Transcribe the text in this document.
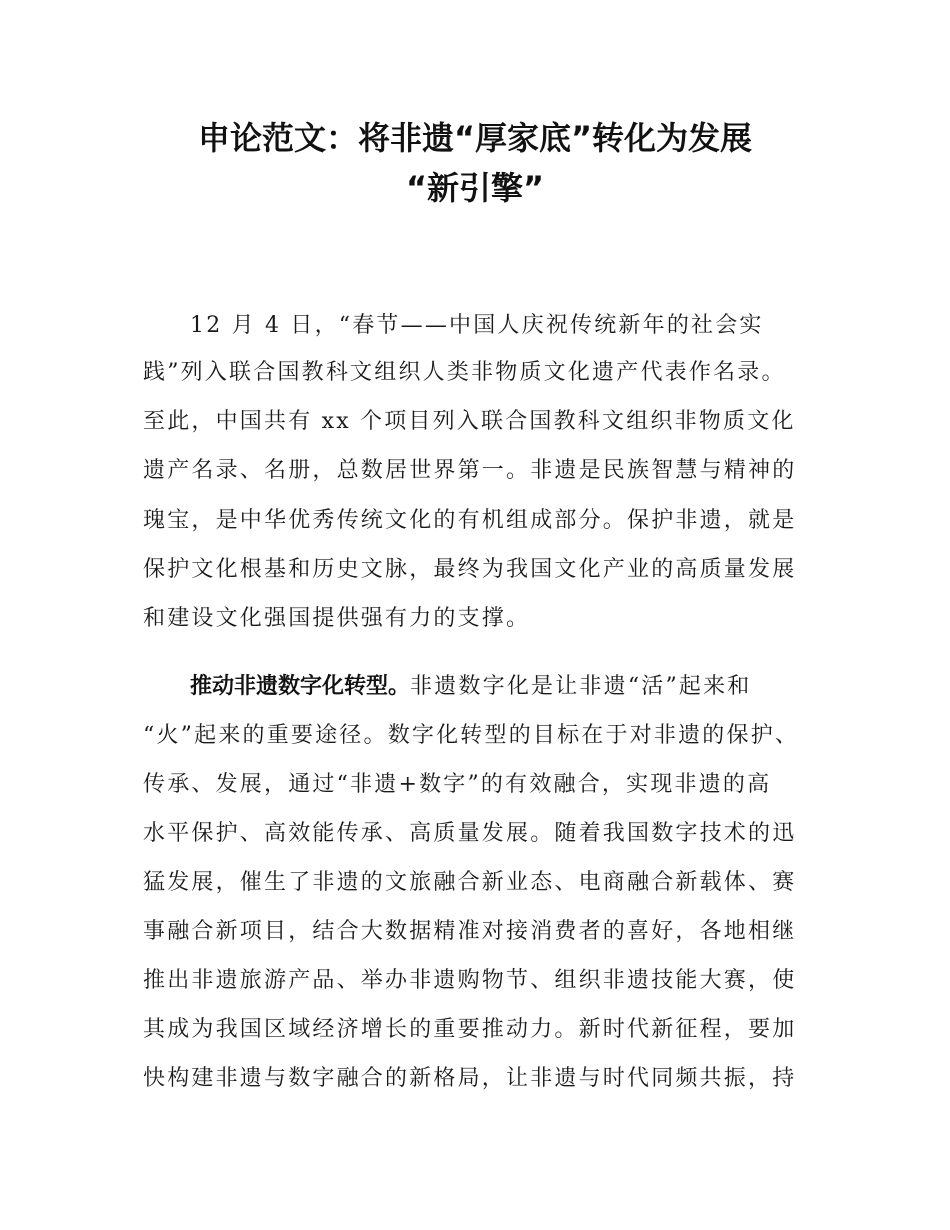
申论范文：将非遗“厚家底”转化为发展
“新引擎”
12 月 4 日，“春节——中国人庆祝传统新年的社会实
践”列入联合国教科文组织人类非物质文化遗产代表作名录。
至此，中国共有 xx 个项目列入联合国教科文组织非物质文化
遗产名录、名册，总数居世界第一。非遗是民族智慧与精神的
瑰宝，是中华优秀传统文化的有机组成部分。保护非遗，就是
保护文化根基和历史文脉，最终为我国文化产业的高质量发展
和建设文化强国提供强有力的支撑。
推动非遗数字化转型。非遗数字化是让非遗“活”起来和
“火”起来的重要途径。数字化转型的目标在于对非遗的保护、
传承、发展，通过“非遗+数字”的有效融合，实现非遗的高
水平保护、高效能传承、高质量发展。随着我国数字技术的迅
猛发展，催生了非遗的文旅融合新业态、电商融合新载体、赛
事融合新项目，结合大数据精准对接消费者的喜好，各地相继
推出非遗旅游产品、举办非遗购物节、组织非遗技能大赛，使
其成为我国区域经济增长的重要推动力。新时代新征程，要加
快构建非遗与数字融合的新格局，让非遗与时代同频共振，持
